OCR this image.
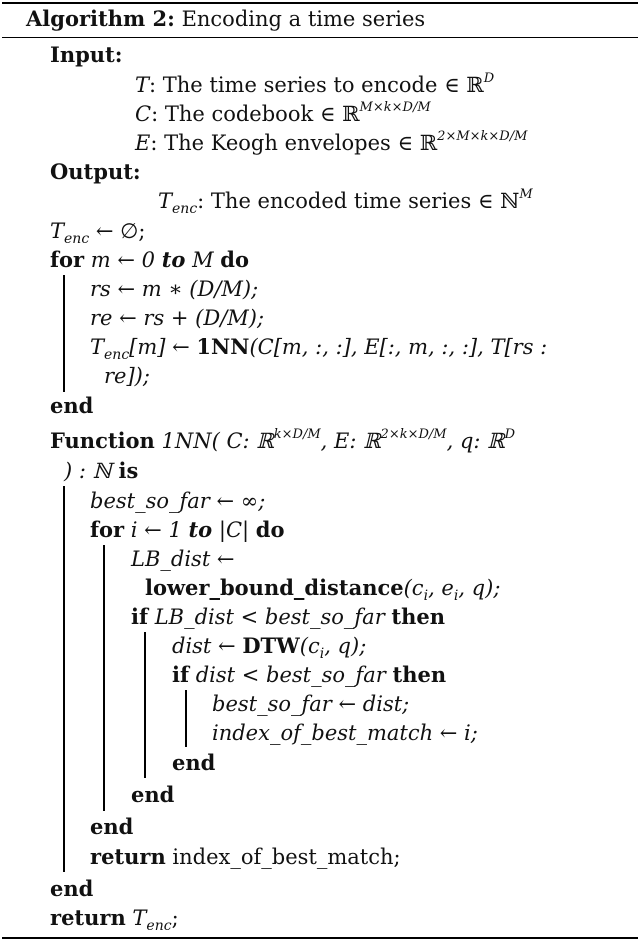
Algorithm 2: Encoding a time series
Input:
T: The time series to encode ∈ ℝ$^D$
C: The codebook ∈ ℝ$^{M\times k\times D/M}$
E: The Keogh envelopes ∈ ℝ$^{2\times M\times k\times D/M}$
Output:
$T_{enc}$: The encoded time series ∈ ℕ$^M$
$T_{enc}$ ← ∅;
for m ← 0 to M do
rs ← m ∗ (D/M);
re ← rs + (D/M);
$T_{enc}[m]$ ← 1NN(C[m, :, :], E[:, m, :, :], T[rs :
re]);
end
Function 1NN( C: ℝ$^{k\times D/M}$, E: ℝ$^{2\times k\times D/M}$, q: ℝ$^D$
) : ℕ is
best_so_far ← ∞;
for i ← 1 to |C| do
LB_dist ←
$lower\_bound\_distance(c_i$, $e_i$, q);
if LB_dist < best_so_far then
dist ← $DTW(c_i$, q);
if dist < best_so_far then
best_so_far ← dist;
index_of_best_match ← i;
end
end
end
return index_of_best_match;
end
return $T_{enc}$;
